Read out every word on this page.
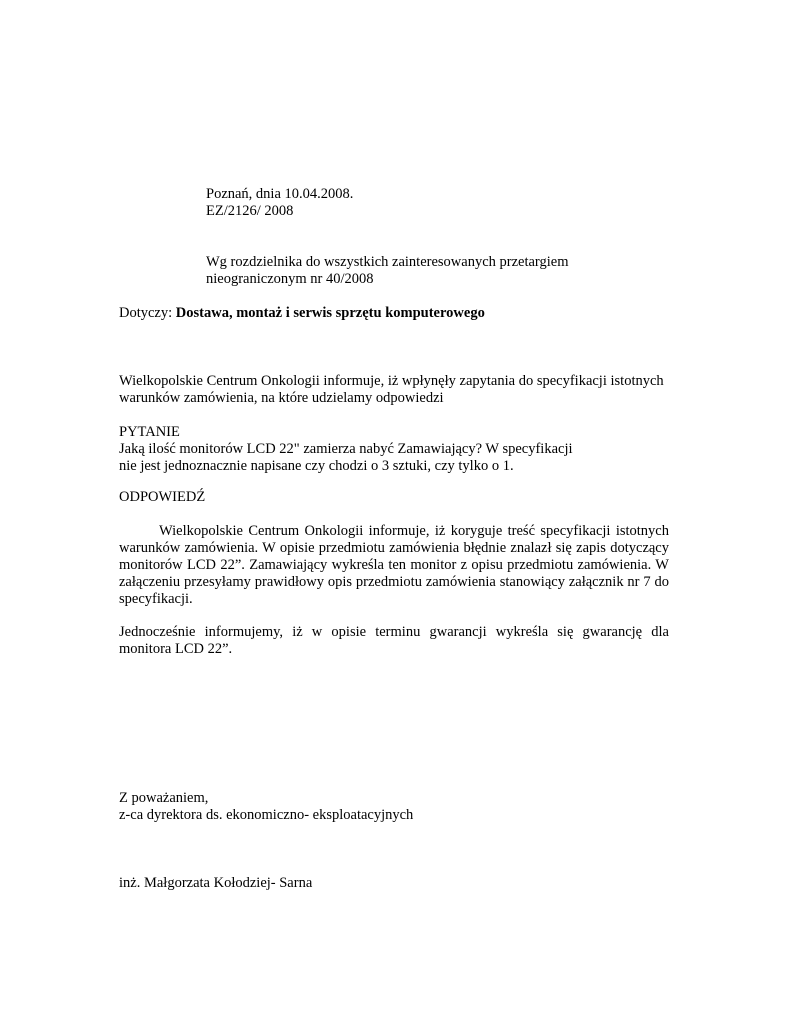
Poznań, dnia 10.04.2008.
EZ/2126/ 2008
Wg rozdzielnika do wszystkich zainteresowanych przetargiem
nieograniczonym nr 40/2008
Dotyczy: Dostawa, montaż i serwis sprzętu komputerowego
Wielkopolskie Centrum Onkologii informuje, iż wpłynęły zapytania do specyfikacji istotnych
warunków zamówienia, na które udzielamy odpowiedzi
PYTANIE
Jaką ilość monitorów LCD 22" zamierza nabyć Zamawiający? W specyfikacji
nie jest jednoznacznie napisane czy chodzi o 3 sztuki, czy tylko o 1.
ODPOWIEDŹ
Wielkopolskie Centrum Onkologii informuje, iż koryguje treść specyfikacji istotnych
warunków zamówienia. W opisie przedmiotu zamówienia błędnie znalazł się zapis dotyczący
monitorów LCD 22”. Zamawiający wykreśla ten monitor z opisu przedmiotu zamówienia. W
załączeniu przesyłamy prawidłowy opis przedmiotu zamówienia stanowiący załącznik nr 7 do
specyfikacji.
Jednocześnie informujemy, iż w opisie terminu gwarancji wykreśla się gwarancję dla
monitora LCD 22”.
Z poważaniem,
z-ca dyrektora ds. ekonomiczno- eksploatacyjnych
inż. Małgorzata Kołodziej- Sarna
